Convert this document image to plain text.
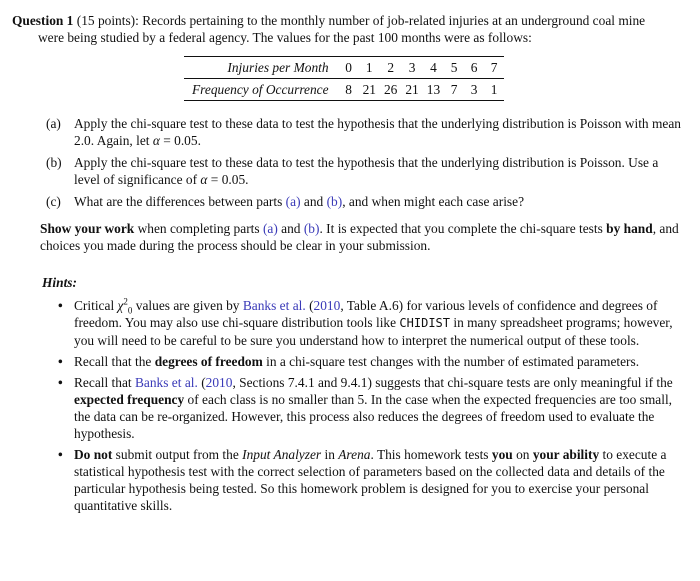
Question 1 (15 points): Records pertaining to the monthly number of job-related injuries at an underground coal mine

were being studied by a federal agency. The values for the past 100 months were as follows:

Injuries per Month	0	1	2	3	4	5	6	7
Frequency of Occurrence	8	21	26	21	13	7	3	1
(a) Apply the chi-square test to these data to test the hypothesis that the underlying distribution is Poisson with mean 2.0. Again, let α = 0.05.
(b) Apply the chi-square test to these data to test the hypothesis that the underlying distribution is Poisson. Use a level of significance of α = 0.05.
(c) What are the differences between parts (a) and (b), and when might each case arise?

Show your work when completing parts (a) and (b). It is expected that you complete the chi-square tests by hand, and choices you made during the process should be clear in your submission.

Hints:

• Critical $\chi^2_0$ values are given by Banks et al. (2010, Table A.6) for various levels of confidence and degrees of freedom. You may also use chi-square distribution tools like CHIDIST in many spreadsheet programs; however, you will need to be careful to be sure you understand how to interpret the numerical output of these tools.
• Recall that the degrees of freedom in a chi-square test changes with the number of estimated parameters.
• Recall that Banks et al. (2010, Sections 7.4.1 and 9.4.1) suggests that chi-square tests are only meaningful if the expected frequency of each class is no smaller than 5. In the case when the expected frequencies are too small, the data can be re-organized. However, this process also reduces the degrees of freedom used to evaluate the hypothesis.
• Do not submit output from the Input Analyzer in Arena. This homework tests you on your ability to execute a statistical hypothesis test with the correct selection of parameters based on the collected data and details of the particular hypothesis being tested. So this homework problem is designed for you to exercise your personal quantitative skills.
